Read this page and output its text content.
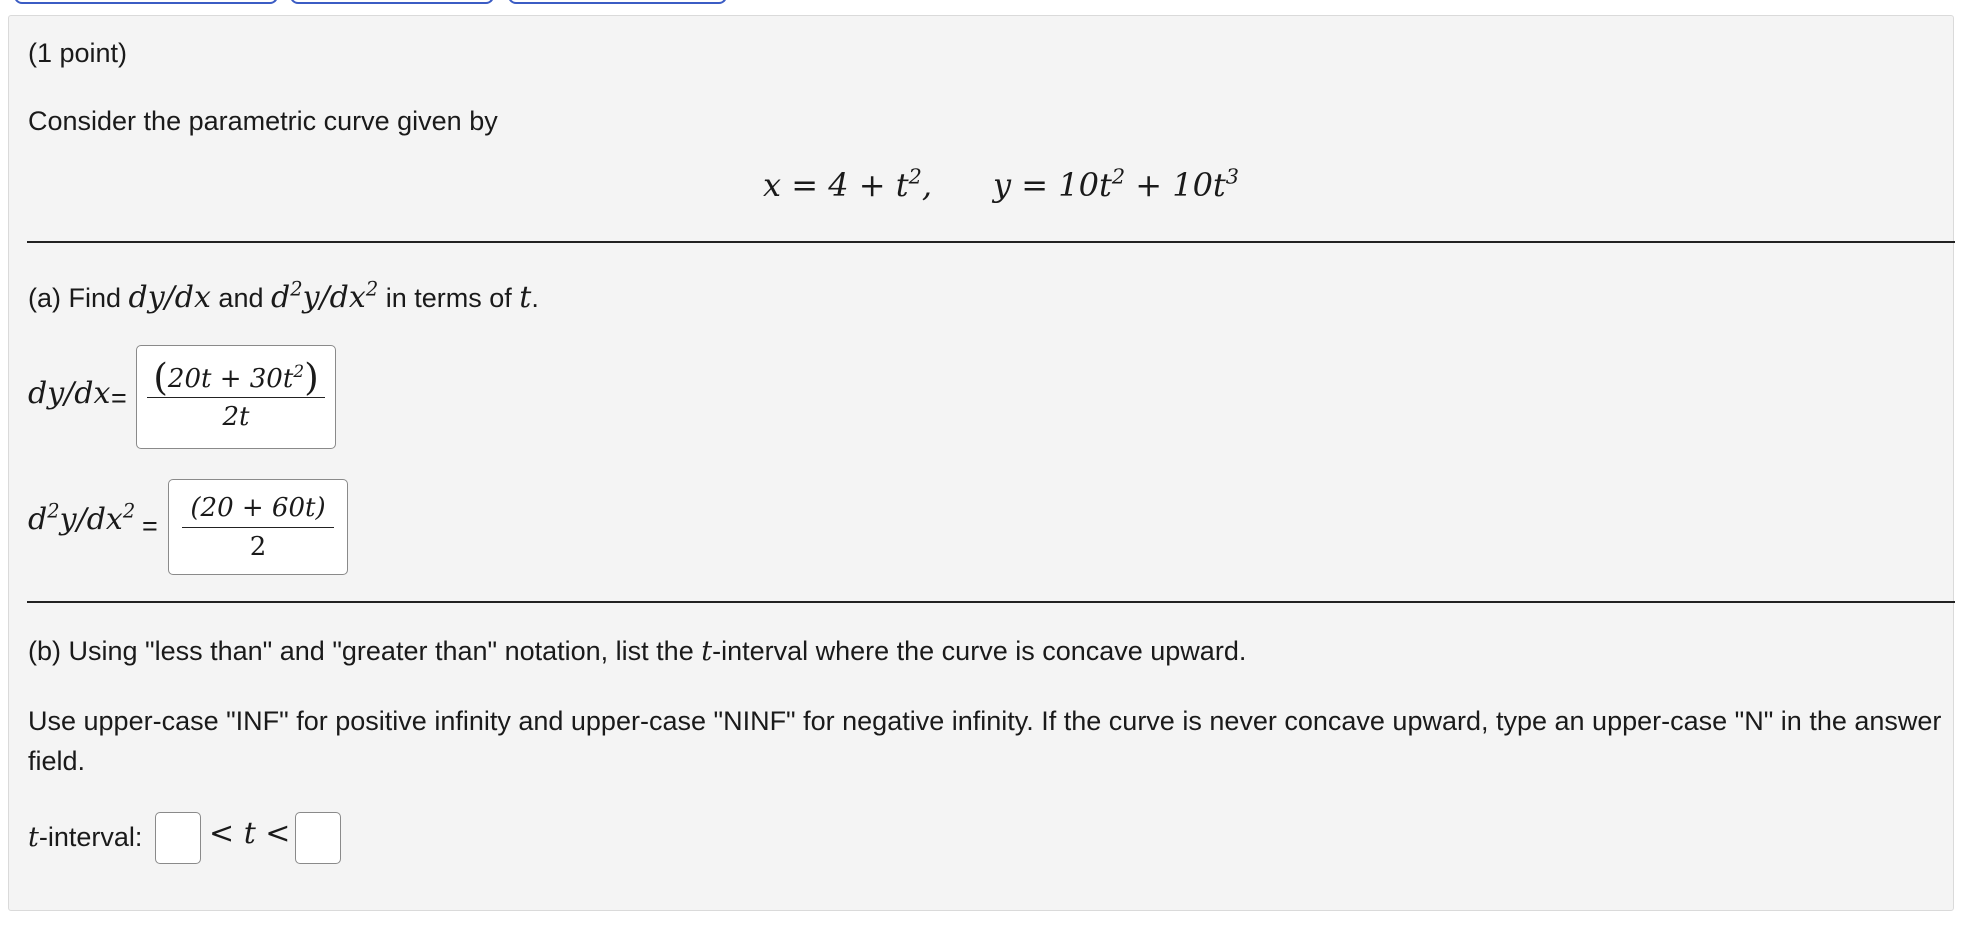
(1 point)
Consider the parametric curve given by
$x = 4 + t^2$, $y = 10t^2 + 10t^3$
(a) Find dy/dx and $d^2y/dx^2$ in terms of t.
$dy/dx = \frac{(20t + 30t^2)}{2t}$
$d^2y/dx^2$
= $\frac{(20 + 60t)}{2}$
(b) Using "less than" and "greater than" notation, list the t-interval where the curve is concave upward.
Use upper-case "INF" for positive infinity and upper-case "NINF" for negative infinity. If the curve is never concave upward, type an upper-case "N" in the answer field.
t-interval: < t <
